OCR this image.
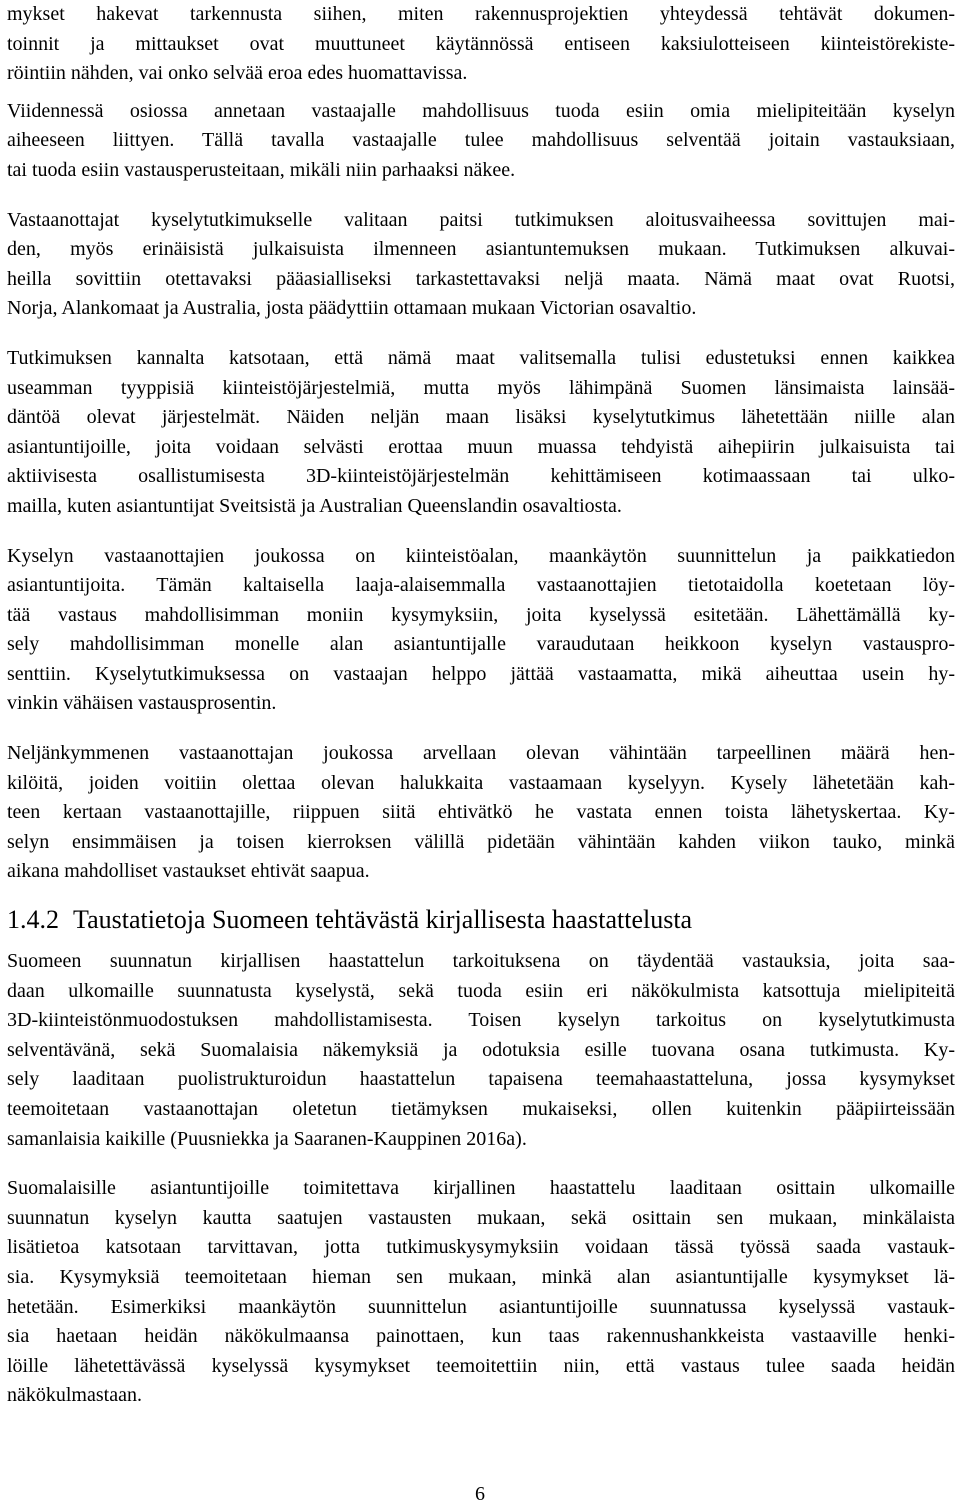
mykset hakevat tarkennusta siihen, miten rakennusprojektien yhteydessä tehtävät dokumen-
toinnit ja mittaukset ovat muuttuneet käytännössä entiseen kaksiulotteiseen kiinteistörekiste-
röintiin nähden, vai onko selvää eroa edes huomattavissa.

Viidennessä osiossa annetaan vastaajalle mahdollisuus tuoda esiin omia mielipiteitään kyselyn
aiheeseen liittyen. Tällä tavalla vastaajalle tulee mahdollisuus selventää joitain vastauksiaan,
tai tuoda esiin vastausperusteitaan, mikäli niin parhaaksi näkee.

Vastaanottajat kyselytutkimukselle valitaan paitsi tutkimuksen aloitusvaiheessa sovittujen mai-
den, myös erinäisistä julkaisuista ilmenneen asiantuntemuksen mukaan. Tutkimuksen alkuvai-
heilla sovittiin otettavaksi pääasialliseksi tarkastettavaksi neljä maata. Nämä maat ovat Ruotsi,
Norja, Alankomaat ja Australia, josta päädyttiin ottamaan mukaan Victorian osavaltio.

Tutkimuksen kannalta katsotaan, että nämä maat valitsemalla tulisi edustetuksi ennen kaikkea
useamman tyyppisiä kiinteistöjärjestelmiä, mutta myös lähimpänä Suomen länsimaista lainsää-
däntöä olevat järjestelmät. Näiden neljän maan lisäksi kyselytutkimus lähetettään niille alan
asiantuntijoille, joita voidaan selvästi erottaa muun muassa tehdyistä aihepiirin julkaisuista tai
aktiivisesta osallistumisesta 3D-kiinteistöjärjestelmän kehittämiseen kotimaassaan tai ulko-
mailla, kuten asiantuntijat Sveitsistä ja Australian Queenslandin osavaltiosta.

Kyselyn vastaanottajien joukossa on kiinteistöalan, maankäytön suunnittelun ja paikkatiedon
asiantuntijoita. Tämän kaltaisella laaja-alaisemmalla vastaanottajien tietotaidolla koetetaan löy-
tää vastaus mahdollisimman moniin kysymyksiin, joita kyselyssä esitetään. Lähettämällä ky-
sely mahdollisimman monelle alan asiantuntijalle varaudutaan heikkoon kyselyn vastauspro-
senttiin. Kyselytutkimuksessa on vastaajan helppo jättää vastaamatta, mikä aiheuttaa usein hy-
vinkin vähäisen vastausprosentin.

Neljänkymmenen vastaanottajan joukossa arvellaan olevan vähintään tarpeellinen määrä hen-
kilöitä, joiden voitiin olettaa olevan halukkaita vastaamaan kyselyyn. Kysely lähetetään kah-
teen kertaan vastaanottajille, riippuen siitä ehtivätkö he vastata ennen toista lähetyskertaa. Ky-
selyn ensimmäisen ja toisen kierroksen välillä pidetään vähintään kahden viikon tauko, minkä
aikana mahdolliset vastaukset ehtivät saapua.

1.4.2 Taustatietoja Suomeen tehtävästä kirjallisesta haastattelusta

Suomeen suunnatun kirjallisen haastattelun tarkoituksena on täydentää vastauksia, joita saa-
daan ulkomaille suunnatusta kyselystä, sekä tuoda esiin eri näkökulmista katsottuja mielipiteitä
3D-kiinteistönmuodostuksen mahdollistamisesta. Toisen kyselyn tarkoitus on kyselytutkimusta
selventävänä, sekä Suomalaisia näkemyksiä ja odotuksia esille tuovana osana tutkimusta. Ky-
sely laaditaan puolistrukturoidun haastattelun tapaisena teemahaastatteluna, jossa kysymykset
teemoitetaan vastaanottajan oletetun tietämyksen mukaiseksi, ollen kuitenkin pääpiirteissään
samanlaisia kaikille (Puusniekka ja Saaranen-Kauppinen 2016a).

Suomalaisille asiantuntijoille toimitettava kirjallinen haastattelu laaditaan osittain ulkomaille
suunnatun kyselyn kautta saatujen vastausten mukaan, sekä osittain sen mukaan, minkälaista
lisätietoa katsotaan tarvittavan, jotta tutkimuskysymyksiin voidaan tässä työssä saada vastauk-
sia. Kysymyksiä teemoitetaan hieman sen mukaan, minkä alan asiantuntijalle kysymykset lä-
hetetään. Esimerkiksi maankäytön suunnittelun asiantuntijoille suunnatussa kyselyssä vastauk-
sia haetaan heidän näkökulmaansa painottaen, kun taas rakennushankkeista vastaaville henki-
löille lähetettävässä kyselyssä kysymykset teemoitettiin niin, että vastaus tulee saada heidän
näkökulmastaan.

6
